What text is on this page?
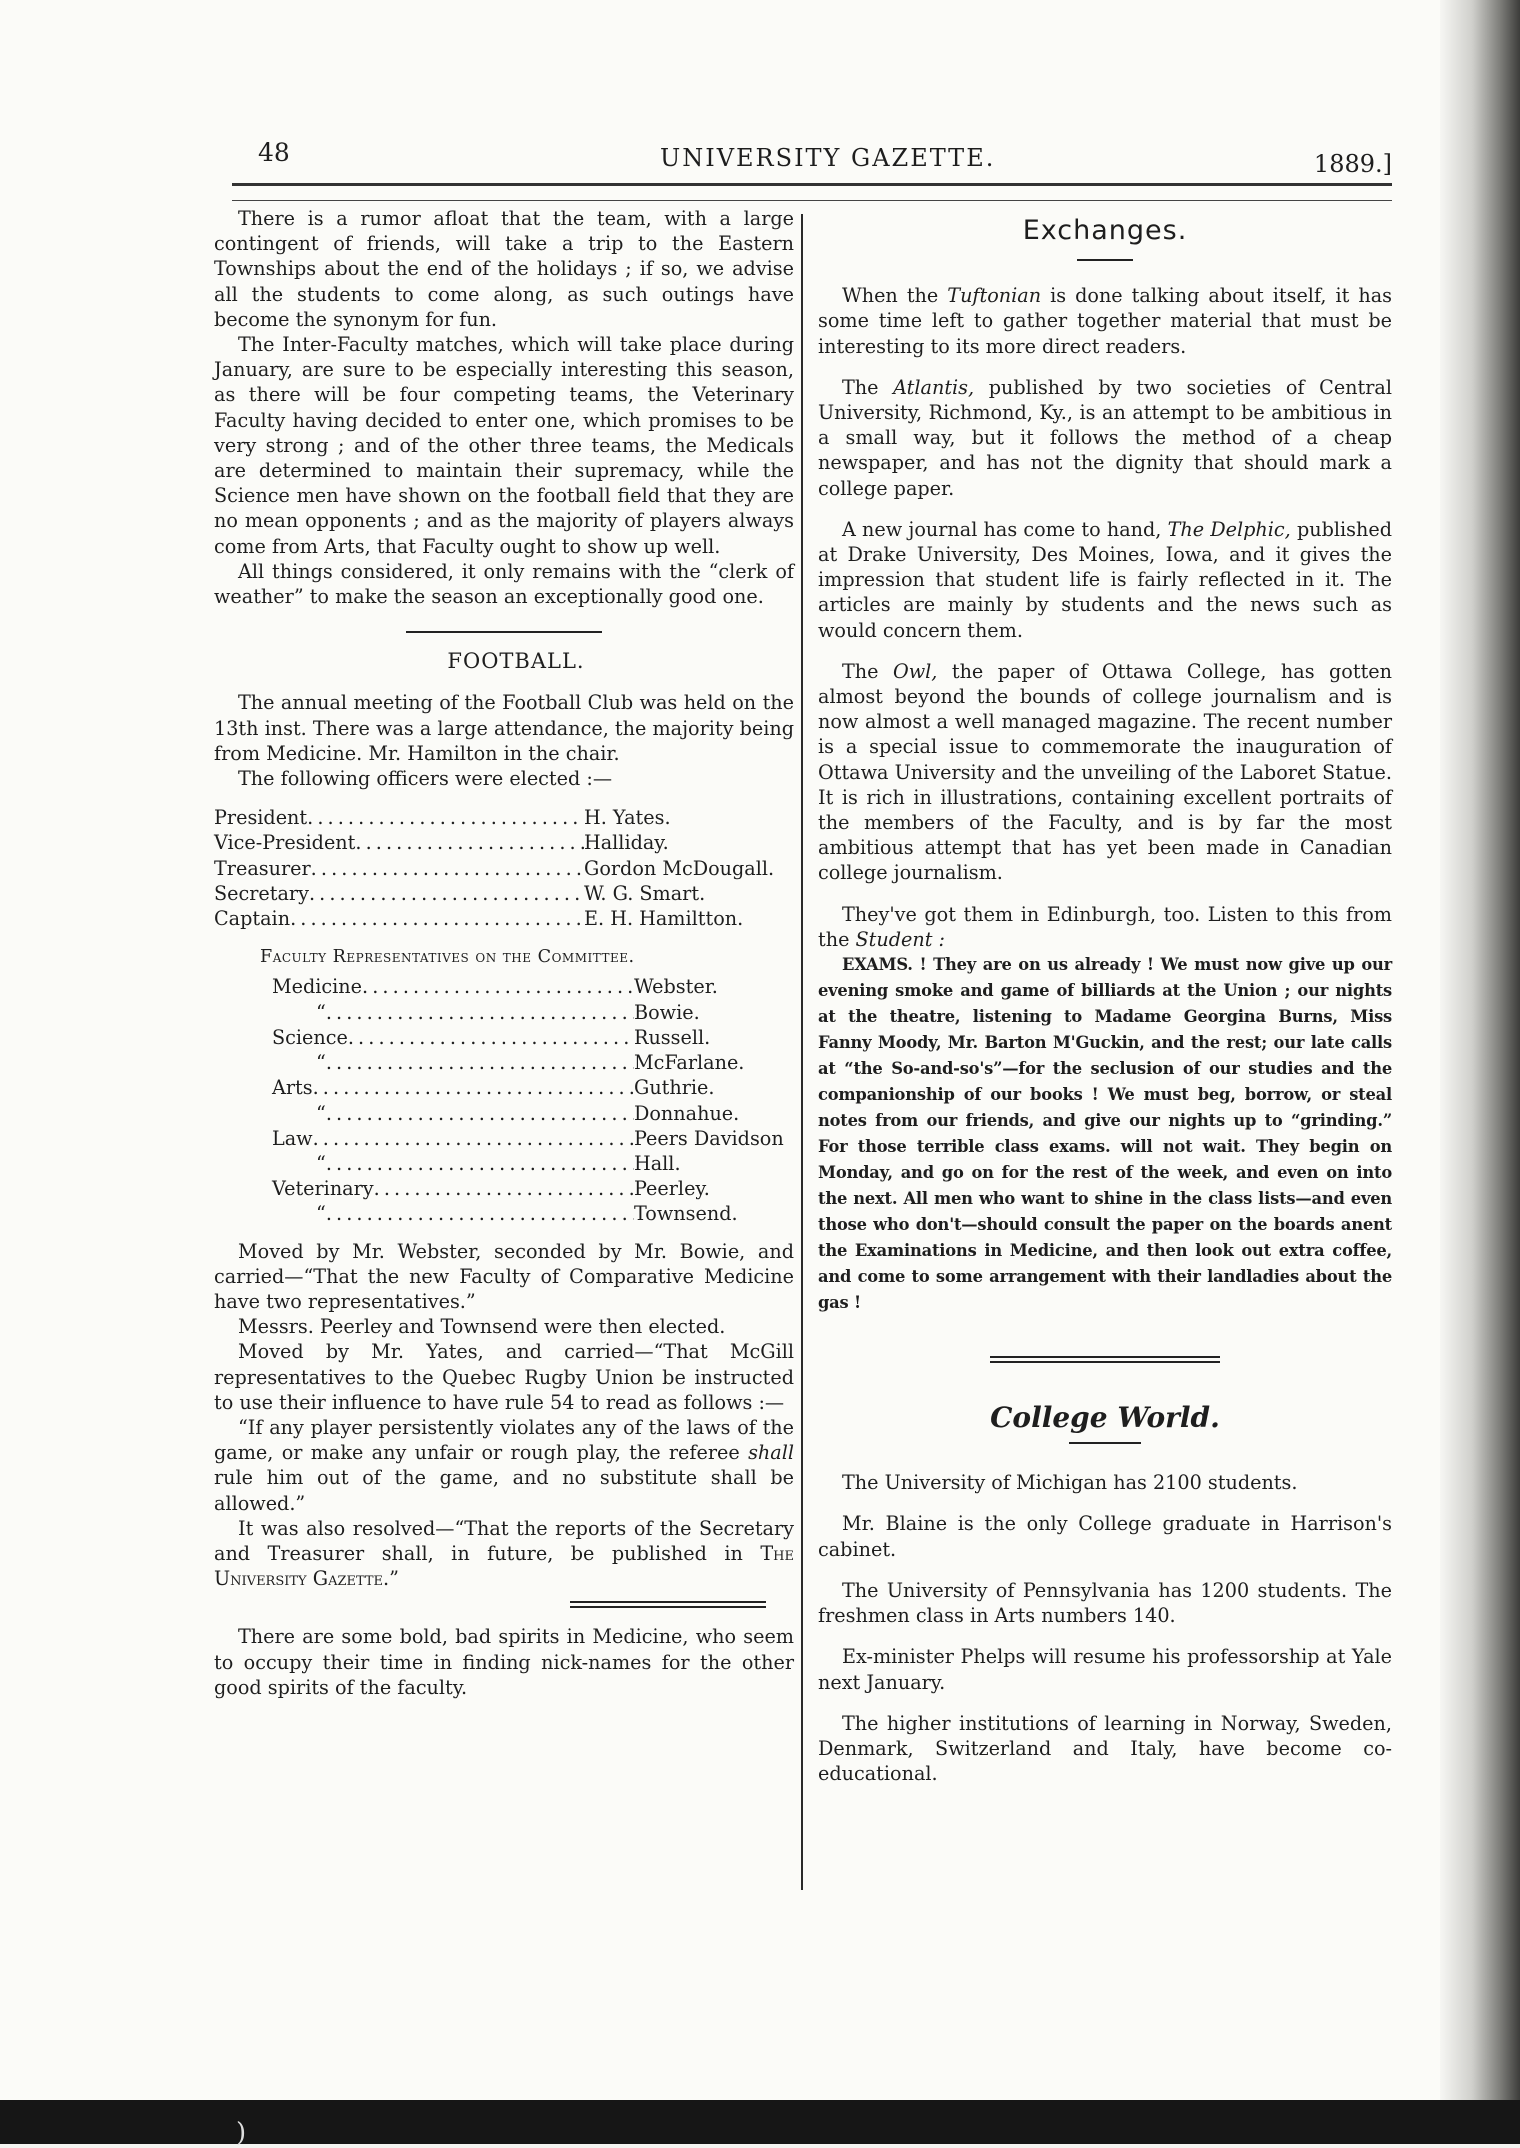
)
48	UNIVERSITY GAZETTE.	1889.]

There is a rumor afloat that the team, with a large contingent of friends, will take a trip to the Eastern Townships about the end of the holidays ; if so, we advise all the students to come along, as such outings have become the synonym for fun.

The Inter-Faculty matches, which will take place during January, are sure to be especially interesting this season, as there will be four competing teams, the Veterinary Faculty having decided to enter one, which promises to be very strong ; and of the other three teams, the Medicals are determined to maintain their supremacy, while the Science men have shown on the football field that they are no mean opponents ; and as the majority of players always come from Arts, that Faculty ought to show up well.

All things considered, it only remains with the “clerk of weather” to make the season an exceptionally good one.

FOOTBALL.

The annual meeting of the Football Club was held on the 13th inst. There was a large attendance, the majority being from Medicine. Mr. Hamilton in the chair.

The following officers were elected :—

President . . .	H. Yates.
Vice-President . . .	Halliday.
Treasurer . . .	Gordon McDougall.
Secretary . . .	W. G. Smart.
Captain . . .	E. H. Hamiltton.
Faculty Representatives on the Committee.
Medicine . . .	Webster.
“ . . .	Bowie.
Science . . .	Russell.
“ . . .	McFarlane.
Arts . . .	Guthrie.
“ . . .	Donnahue.
Law . . .	Peers Davidson
“ . . .	Hall.
Veterinary . . .	Peerley.
“ . . .	Townsend.

Moved by Mr. Webster, seconded by Mr. Bowie, and carried—“That the new Faculty of Comparative Medicine have two representatives.”

Messrs. Peerley and Townsend were then elected.

Moved by Mr. Yates, and carried—“That McGill representatives to the Quebec Rugby Union be instructed to use their influence to have rule 54 to read as follows :—

“If any player persistently violates any of the laws of the game, or make any unfair or rough play, the referee shall rule him out of the game, and no substitute shall be allowed.”

It was also resolved—“That the reports of the Secretary and Treasurer shall, in future, be published in The University Gazette.”

There are some bold, bad spirits in Medicine, who seem to occupy their time in finding nick-names for the other good spirits of the faculty.

Exchanges.

When the Tuftonian is done talking about itself, it has some time left to gather together material that must be interesting to its more direct readers.

The Atlantis, published by two societies of Central University, Richmond, Ky., is an attempt to be ambitious in a small way, but it follows the method of a cheap newspaper, and has not the dignity that should mark a college paper.

A new journal has come to hand, The Delphic, published at Drake University, Des Moines, Iowa, and it gives the impression that student life is fairly reflected in it. The articles are mainly by students and the news such as would concern them.

The Owl, the paper of Ottawa College, has gotten almost beyond the bounds of college journalism and is now almost a well managed magazine. The recent number is a special issue to commemorate the inauguration of Ottawa University and the unveiling of the Laboret Statue. It is rich in illustrations, containing excellent portraits of the members of the Faculty, and is by far the most ambitious attempt that has yet been made in Canadian college journalism.

They've got them in Edinburgh, too. Listen to this from the Student :

EXAMS. ! They are on us already ! We must now give up our evening smoke and game of billiards at the Union ; our nights at the theatre, listening to Madame Georgina Burns, Miss Fanny Moody, Mr. Barton M'Guckin, and the rest; our late calls at “the So-and-so's”—for the seclusion of our studies and the companionship of our books ! We must beg, borrow, or steal notes from our friends, and give our nights up to “grinding.” For those terrible class exams. will not wait. They begin on Monday, and go on for the rest of the week, and even on into the next. All men who want to shine in the class lists—and even those who don't—should consult the paper on the boards anent the Examinations in Medicine, and then look out extra coffee, and come to some arrangement with their landladies about the gas !

College World.

The University of Michigan has 2100 students.

Mr. Blaine is the only College graduate in Harrison's cabinet.

The University of Pennsylvania has 1200 students. The freshmen class in Arts numbers 140.

Ex-minister Phelps will resume his professorship at Yale next January.

The higher institutions of learning in Norway, Sweden, Denmark, Switzerland and Italy, have become co-educational.
